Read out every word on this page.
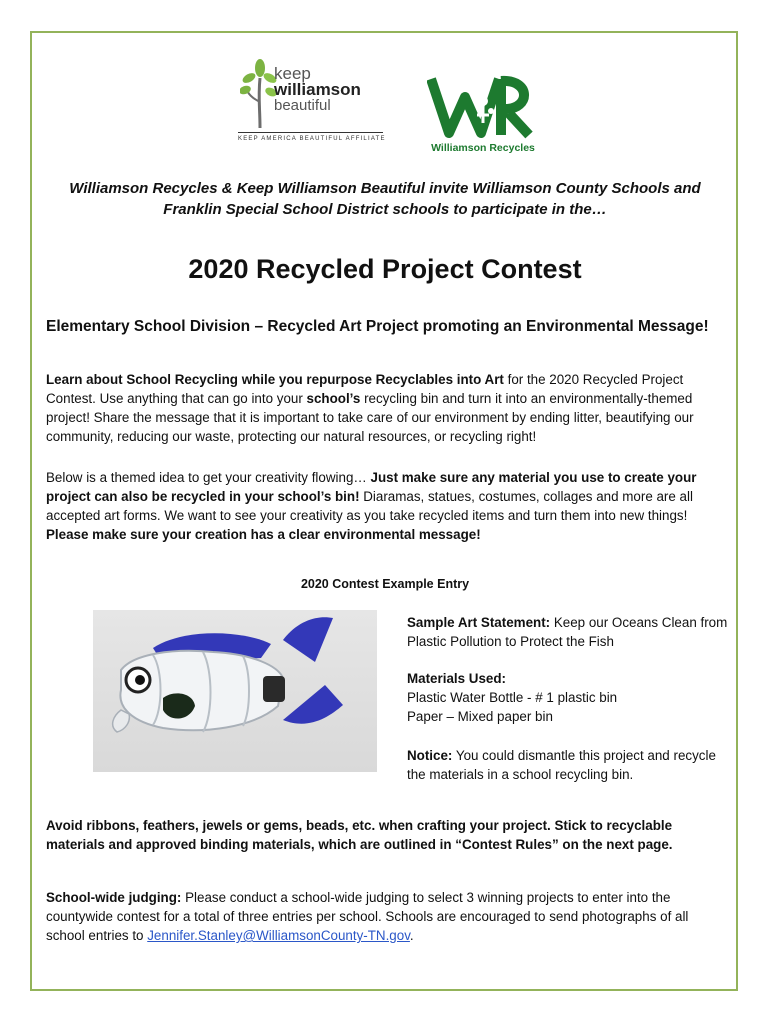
keep
williamson
beautiful
KEEP AMERICA BEAUTIFUL AFFILIATE
Williamson Recycles
Williamson Recycles & Keep Williamson Beautiful invite Williamson County Schools and
Franklin Special School District schools to participate in the…
2020 Recycled Project Contest
Elementary School Division – Recycled Art Project promoting an Environmental Message!
Learn about School Recycling while you repurpose Recyclables into Art for the 2020 Recycled Project Contest. Use anything that can go into your school’s recycling bin and turn it into an environmentally-themed project! Share the message that it is important to take care of our environment by ending litter, beautifying our community, reducing our waste, protecting our natural resources, or recycling right!
Below is a themed idea to get your creativity flowing… Just make sure any material you use to create your project can also be recycled in your school’s bin! Diaramas, statues, costumes, collages and more are all accepted art forms. We want to see your creativity as you take recycled items and turn them into new things! Please make sure your creation has a clear environmental message!
2020 Contest Example Entry
Sample Art Statement: Keep our Oceans Clean from Plastic Pollution to Protect the Fish
Materials Used:
Plastic Water Bottle - # 1 plastic bin
Paper – Mixed paper bin
Notice: You could dismantle this project and recycle the materials in a school recycling bin.
Avoid ribbons, feathers, jewels or gems, beads, etc. when crafting your project. Stick to recyclable materials and approved binding materials, which are outlined in “Contest Rules” on the next page.
School-wide judging: Please conduct a school-wide judging to select 3 winning projects to enter into the countywide contest for a total of three entries per school. Schools are encouraged to send photographs of all school entries to Jennifer.Stanley@WilliamsonCounty-TN.gov.
